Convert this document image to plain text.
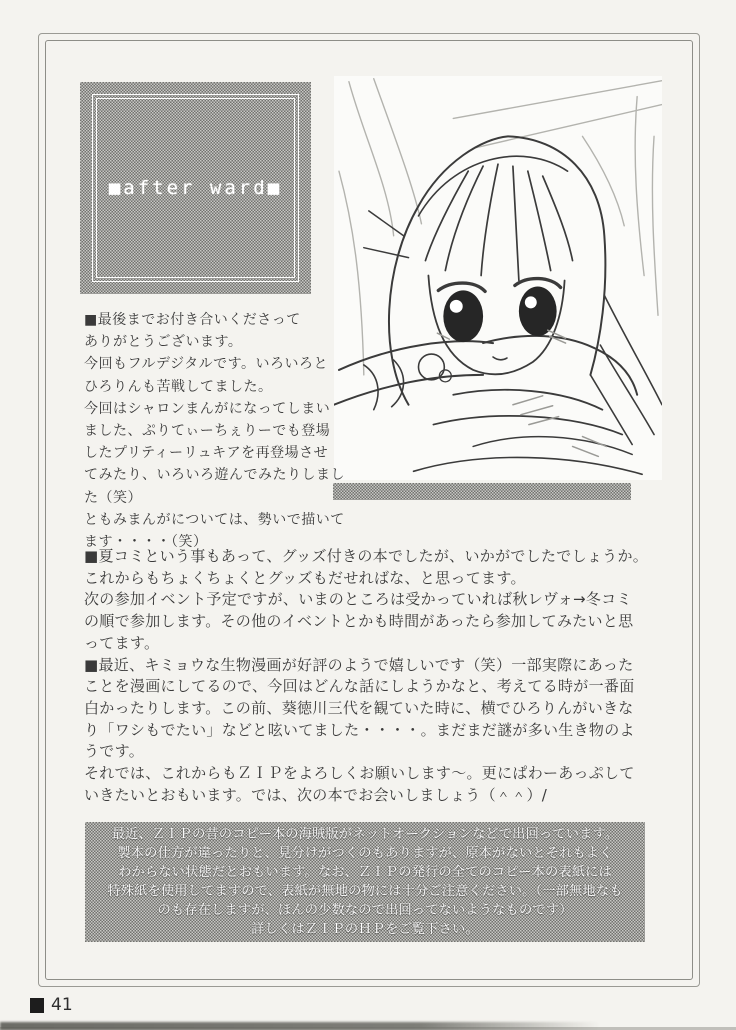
■after ward■
■最後までお付き合いくださって
ありがとうございます。
今回もフルデジタルです。いろいろと
ひろりんも苦戦してました。
今回はシャロンまんがになってしまい
ました、ぷりてぃーちぇりーでも登場
したプリティーリュキアを再登場させ
てみたり、いろいろ遊んでみたりしまし
た（笑）
ともみまんがについては、勢いで描いて
ます・・・・（笑）
■夏コミという事もあって、グッズ付きの本でしたが、いかがでしたでしょうか。
これからもちょくちょくとグッズもだせればな、と思ってます。
次の参加イベント予定ですが、いまのところは受かっていれば秋レヴォ→冬コミ
の順で参加します。その他のイベントとかも時間があったら参加してみたいと思
ってます。
■最近、キミョウな生物漫画が好評のようで嬉しいです（笑）一部実際にあった
ことを漫画にしてるので、今回はどんな話にしようかなと、考えてる時が一番面
白かったりします。この前、葵徳川三代を観ていた時に、横でひろりんがいきな
り「ワシもでたい」などと呟いてました・・・・。まだまだ謎が多い生き物のよ
うです。
それでは、これからもＺＩＰをよろしくお願いします～。更にぱわーあっぷして
いきたいとおもいます。では、次の本でお会いしましょう（＾＾）/
最近、ＺＩＰの昔のコピー本の海賊版がネットオークションなどで出回っています。
製本の仕方が違ったりと、見分けがつくのもありますが、原本がないとそれもよく
わからない状態だとおもいます。なお、ＺＩＰの発行の全てのコピー本の表紙には
特殊紙を使用してますので、表紙が無地の物には十分ご注意ください。（一部無地なも
のも存在しますが、ほんの少数なので出回ってないようなものです）
詳しくはＺＩＰのＨＰをご覧下さい。
41
